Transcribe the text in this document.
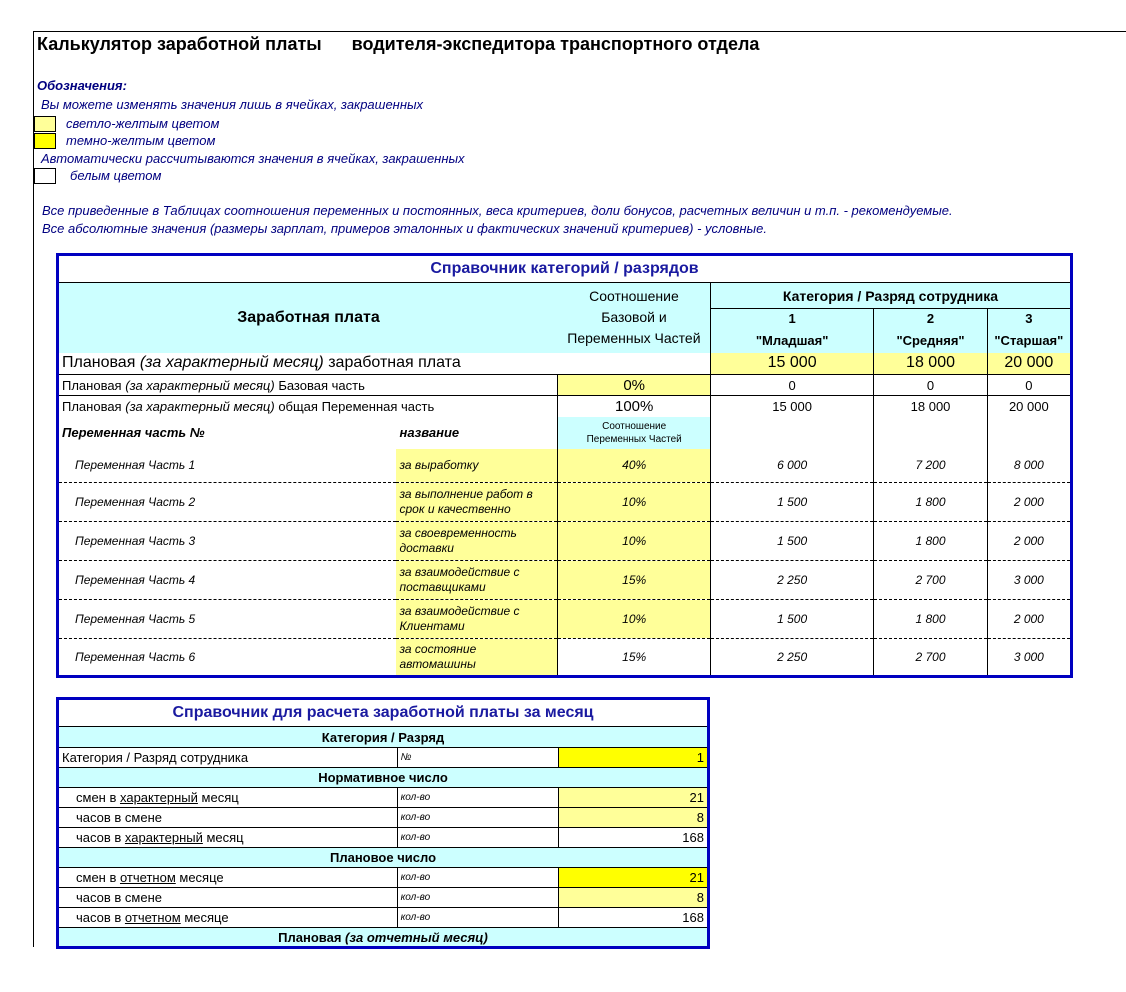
Калькулятор заработной платы водителя-экспедитора транспортного отдела
Обозначения:
Вы можете изменять значения лишь в ячейках, закрашенных
светло-желтым цветом
темно-желтым цветом
Автоматически рассчитываются значения в ячейках, закрашенных
белым цветом
Все приведенные в Таблицах соотношения переменных и постоянных, веса критериев, доли бонусов, расчетных величин и т.п. - рекомендуемые.
Все абсолютные значения (размеры зарплат, примеров эталонных и фактических значений критериев) - условные.
Справочник категорий / разрядов					
Заработная плата		Соотношение
Базовой и
Переменных Частей	Категория / Разряд сотрудника		
			1	2	3
			"Младшая"	"Средняя"	"Старшая"
Плановая (за характерный месяц) заработная плата			15 000	18 000	20 000
Плановая (за характерный месяц) Базовая часть		0%	0	0	0
Плановая (за характерный месяц) общая Переменная часть		100%	15 000	18 000	20 000
Переменная часть №	название	Соотношение
Переменных Частей			
Переменная Часть 1	за выработку	40%	6 000	7 200	8 000
Переменная Часть 2	за выполнение работ в срок и качественно	10%	1 500	1 800	2 000
Переменная Часть 3	за своевременность доставки	10%	1 500	1 800	2 000
Переменная Часть 4	за взаимодействие с поставщиками	15%	2 250	2 700	3 000
Переменная Часть 5	за взаимодействие с Клиентами	10%	1 500	1 800	2 000
Переменная Часть 6	за состояние автомашины	15%	2 250	2 700	3 000
Справочник для расчета заработной платы за месяц		
Категория / Разряд		
Категория / Разряд сотрудника	№	1
Нормативное число		
смен в характерный месяц	кол-во	21
часов в смене	кол-во	8
часов в характерный месяц	кол-во	168
Плановое число		
смен в отчетном месяце	кол-во	21
часов в смене	кол-во	8
часов в отчетном месяце	кол-во	168
Плановая (за отчетный месяц)		
